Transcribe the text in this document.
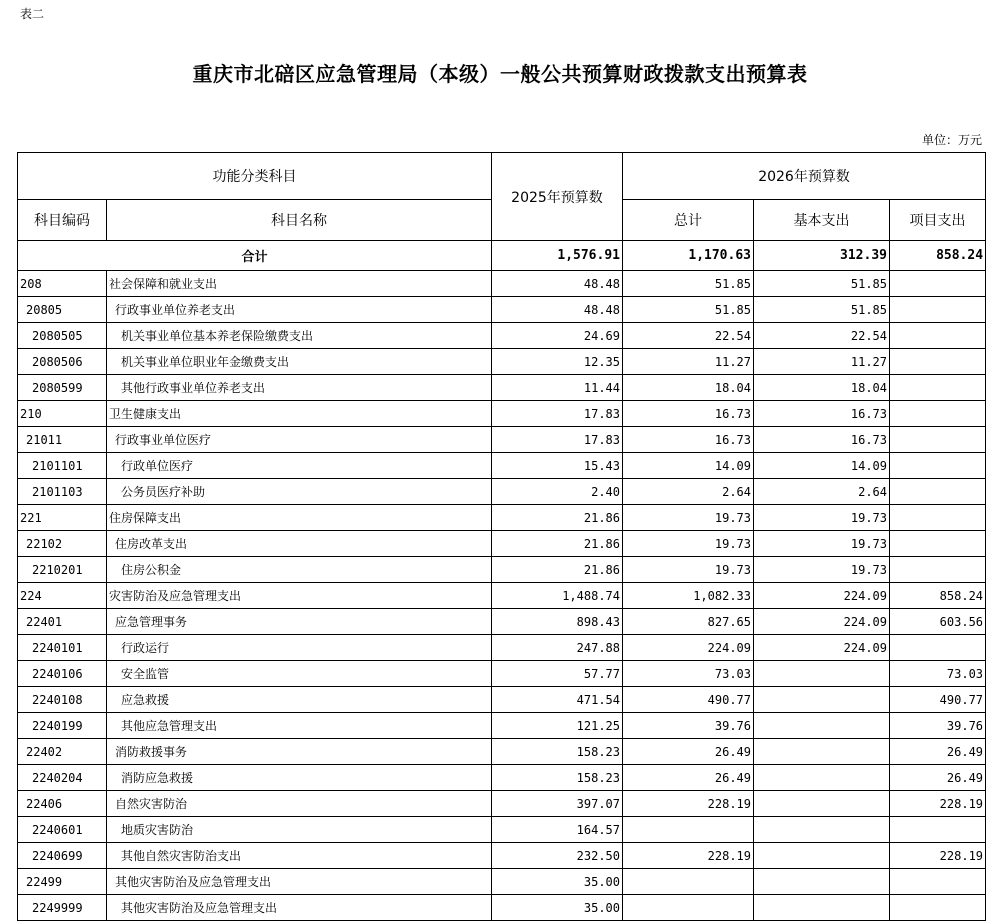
表二
重庆市北碚区应急管理局（本级）一般公共预算财政拨款支出预算表
单位：万元
功能分类科目		2025年预算数	2026年预算数		
科目编码	科目名称		总计	基本支出	项目支出
合计		1,576.91	1,170.63	312.39	858.24
208	社会保障和就业支出	48.48	51.85	51.85	
20805	行政事业单位养老支出	48.48	51.85	51.85	
2080505	机关事业单位基本养老保险缴费支出	24.69	22.54	22.54	
2080506	机关事业单位职业年金缴费支出	12.35	11.27	11.27	
2080599	其他行政事业单位养老支出	11.44	18.04	18.04	
210	卫生健康支出	17.83	16.73	16.73	
21011	行政事业单位医疗	17.83	16.73	16.73	
2101101	行政单位医疗	15.43	14.09	14.09	
2101103	公务员医疗补助	2.40	2.64	2.64	
221	住房保障支出	21.86	19.73	19.73	
22102	住房改革支出	21.86	19.73	19.73	
2210201	住房公积金	21.86	19.73	19.73	
224	灾害防治及应急管理支出	1,488.74	1,082.33	224.09	858.24
22401	应急管理事务	898.43	827.65	224.09	603.56
2240101	行政运行	247.88	224.09	224.09	
2240106	安全监管	57.77	73.03		73.03
2240108	应急救援	471.54	490.77		490.77
2240199	其他应急管理支出	121.25	39.76		39.76
22402	消防救援事务	158.23	26.49		26.49
2240204	消防应急救援	158.23	26.49		26.49
22406	自然灾害防治	397.07	228.19		228.19
2240601	地质灾害防治	164.57			
2240699	其他自然灾害防治支出	232.50	228.19		228.19
22499	其他灾害防治及应急管理支出	35.00			
2249999	其他灾害防治及应急管理支出	35.00			
